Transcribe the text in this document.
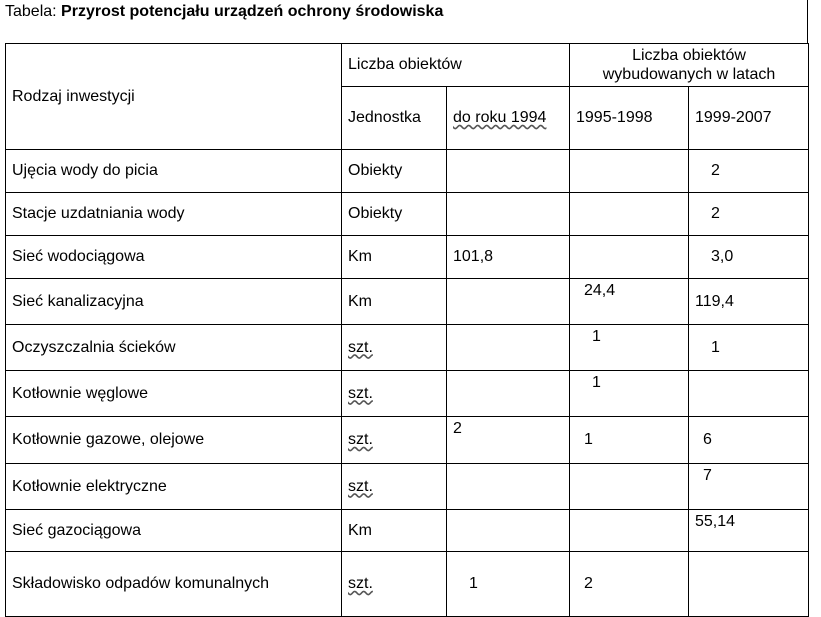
Tabela: Przyrost potencjału urządzeń ochrony środowiska
Rodzaj inwestycji	Liczba obiektów		Liczba obiektów
wybudowanych w latach	
	Jednostka	do roku 1994	1995-1998	1999-2007
Ujęcia wody do picia	Obiekty			2
Stacje uzdatniania wody	Obiekty			2
Sieć wodociągowa	Km	101,8		3,0
Sieć kanalizacyjna	Km		24,4	119,4
Oczyszczalnia ścieków	szt.		1	1
Kotłownie węglowe	szt.		1	
Kotłownie gazowe, olejowe	szt.	2	1	6
Kotłownie elektryczne	szt.			7
Sieć gazociągowa	Km			55,14
Składowisko odpadów komunalnych	szt.	1	2	
